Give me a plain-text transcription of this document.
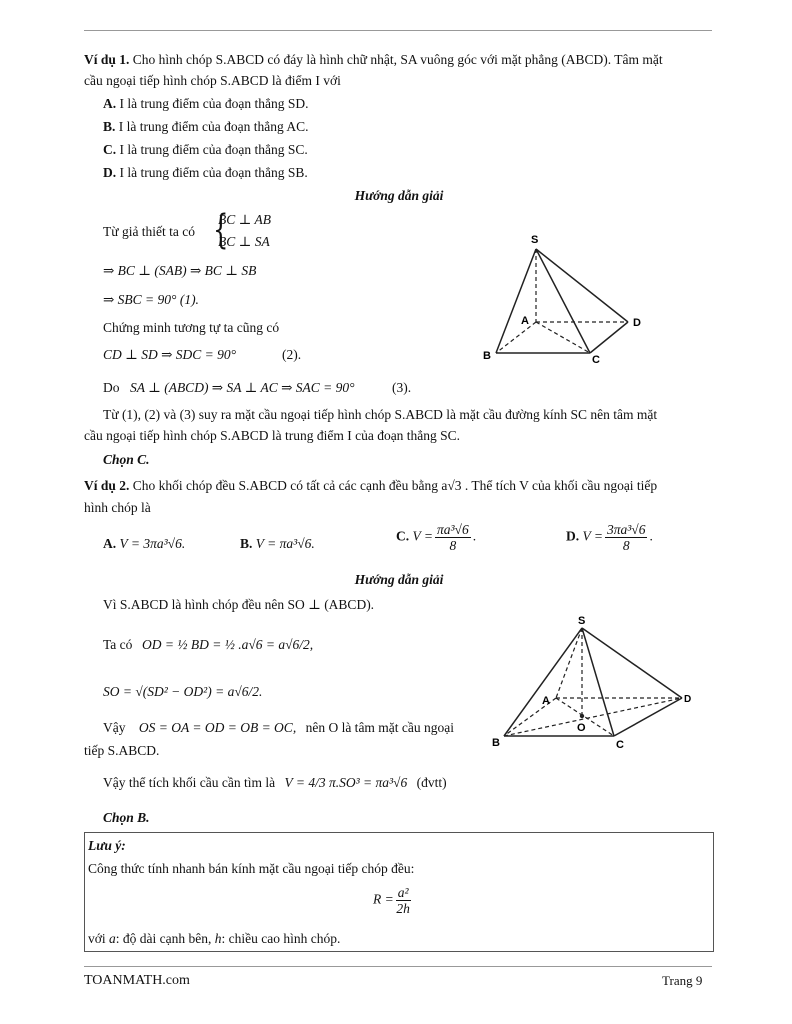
Ví dụ 1. Cho hình chóp S.ABCD có đáy là hình chữ nhật, SA vuông góc với mặt phẳng (ABCD). Tâm mặt
cầu ngoại tiếp hình chóp S.ABCD là điểm I với
A. I là trung điểm của đoạn thẳng SD.
B. I là trung điểm của đoạn thẳng AC.
C. I là trung điểm của đoạn thẳng SC.
D. I là trung điểm của đoạn thẳng SB.
Hướng dẫn giải
Từ giả thiết ta có {
BC ⊥ AB
BC ⊥ SA
⇒ BC ⊥ (SAB) ⇒ BC ⊥ SB
⇒ SBC = 90° (1).
Chứng minh tương tự ta cũng có
CD ⊥ SD ⇒ SDC = 90°	(2).
Do SA ⊥ (ABCD) ⇒ SA ⊥ AC ⇒ SAC = 90°	(3).
Từ (1), (2) và (3) suy ra mặt cầu ngoại tiếp hình chóp S.ABCD là mặt cầu đường kính SC nên tâm mặt
cầu ngoại tiếp hình chóp S.ABCD là trung điểm I của đoạn thẳng SC.
Chọn C.
S
A
B	C
D
Ví dụ 2. Cho khối chóp đều S.ABCD có tất cả các cạnh đều bằng a√3 . Thể tích V của khối cầu ngoại tiếp
hình chóp là
A. V = 3πa³√6.	B. V = πa³√6.	C. $V = \frac{\text{πa³√6}}{8}$ .	D. $V = \frac{\text{3πa³√6}}{8}$ .
Hướng dẫn giải
Vì S.ABCD là hình chóp đều nên SO ⊥ (ABCD).
Ta có OD = ½ BD = ½ .a√6 = a√6/2,
SO = √(SD² − OD²) = a√6/2.
Vậy OS = OA = OD = OB = OC, nên O là tâm mặt cầu ngoại
tiếp S.ABCD.
Vậy thể tích khối cầu cần tìm là V = 4/3 π.SO³ = πa³√6 (đvtt)
Chọn B.
S
A
B	C
D
O
Lưu ý:
Công thức tính nhanh bán kính mặt cầu ngoại tiếp chóp đều:
$R = \frac{\text{a²}}{2h}$
với a: độ dài cạnh bên, h: chiều cao hình chóp.
TOANMATH.com	Trang 9
